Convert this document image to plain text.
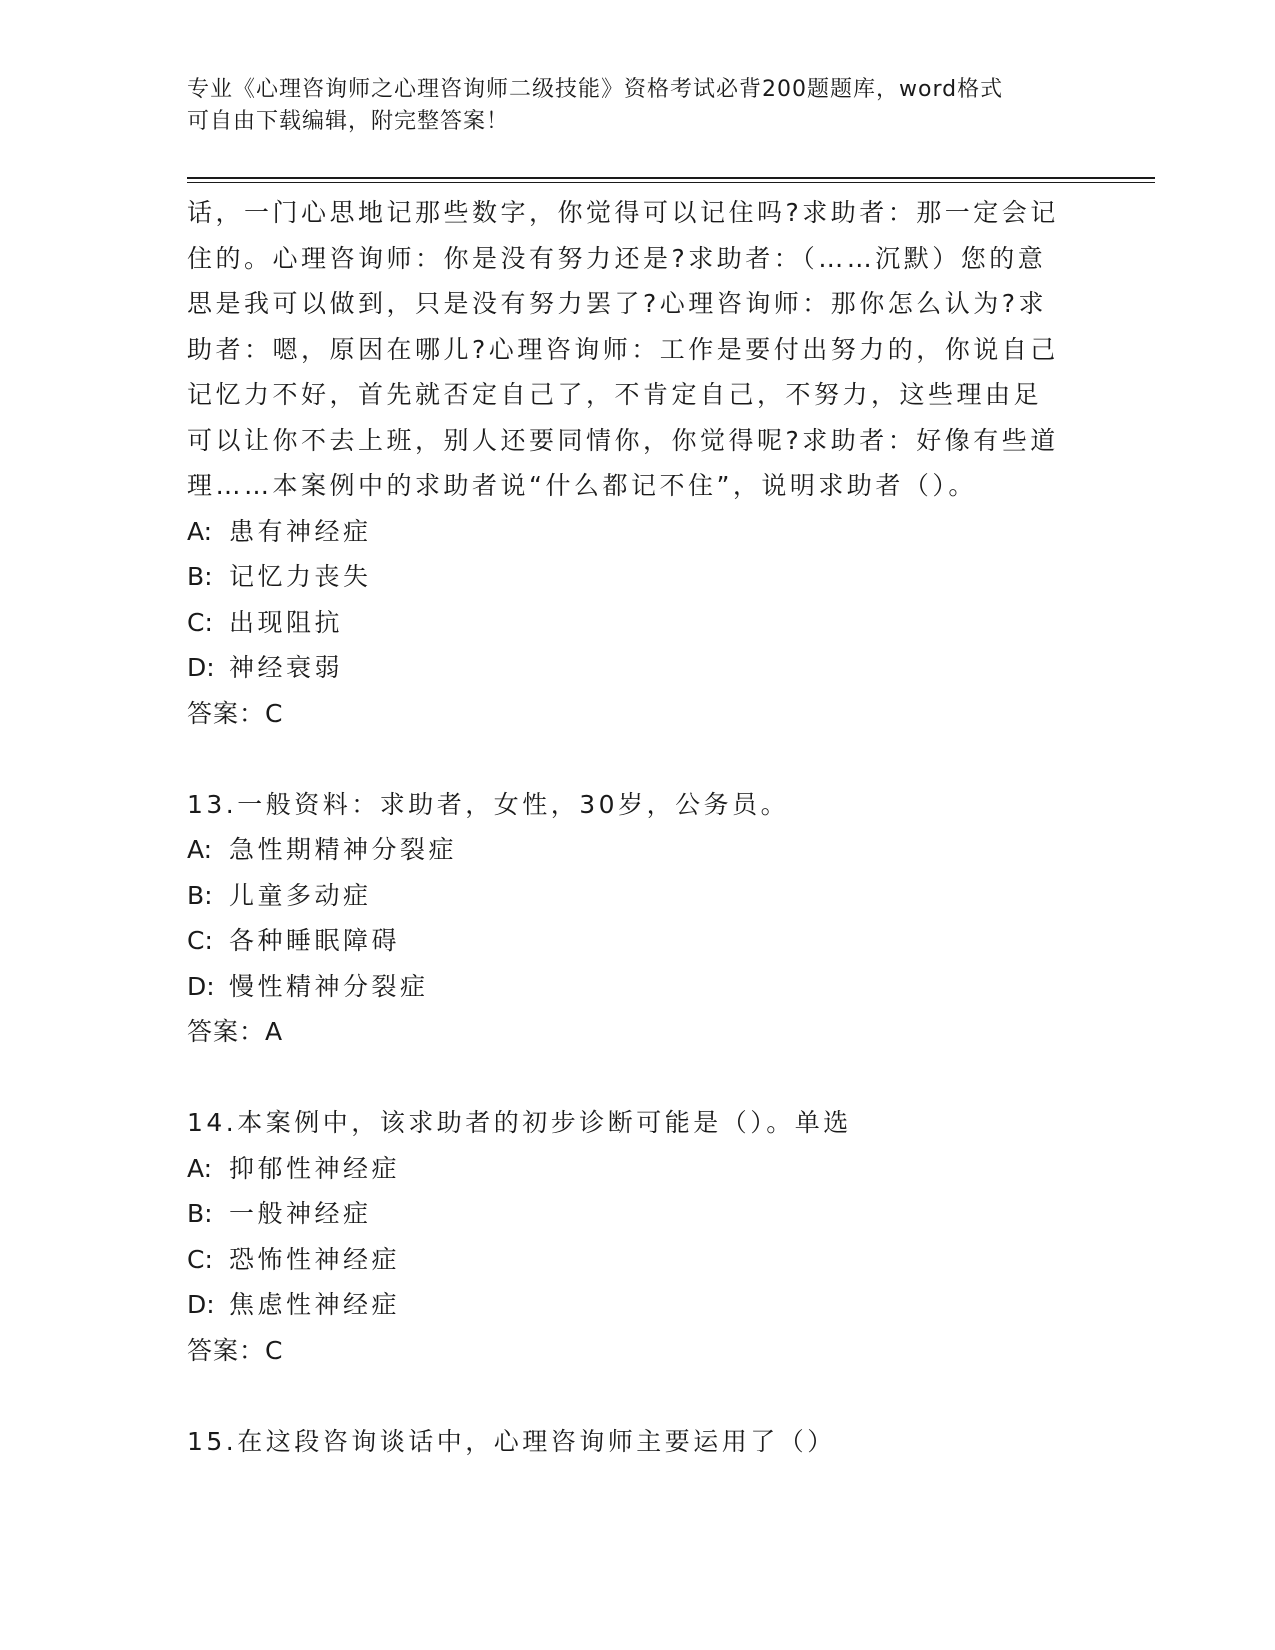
专业《心理咨询师之心理咨询师二级技能》资格考试必背200题题库，word格式
可自由下载编辑，附完整答案！
话，一门心思地记那些数字，你觉得可以记住吗?求助者：那一定会记
住的。心理咨询师：你是没有努力还是?求助者：（……沉默）您的意
思是我可以做到，只是没有努力罢了?心理咨询师：那你怎么认为?求
助者：嗯，原因在哪儿?心理咨询师：工作是要付出努力的，你说自己
记忆力不好，首先就否定自己了，不肯定自己，不努力，这些理由足
可以让你不去上班，别人还要同情你，你觉得呢?求助者：好像有些道
理……本案例中的求助者说“什么都记不住”，说明求助者（）。
A: 患有神经症
B: 记忆力丧失
C: 出现阻抗
D: 神经衰弱
答案：C
13.一般资料：求助者，女性，30岁，公务员。
A: 急性期精神分裂症
B: 儿童多动症
C: 各种睡眠障碍
D: 慢性精神分裂症
答案：A
14.本案例中，该求助者的初步诊断可能是（）。单选
A: 抑郁性神经症
B: 一般神经症
C: 恐怖性神经症
D: 焦虑性神经症
答案：C
15.在这段咨询谈话中，心理咨询师主要运用了（）
